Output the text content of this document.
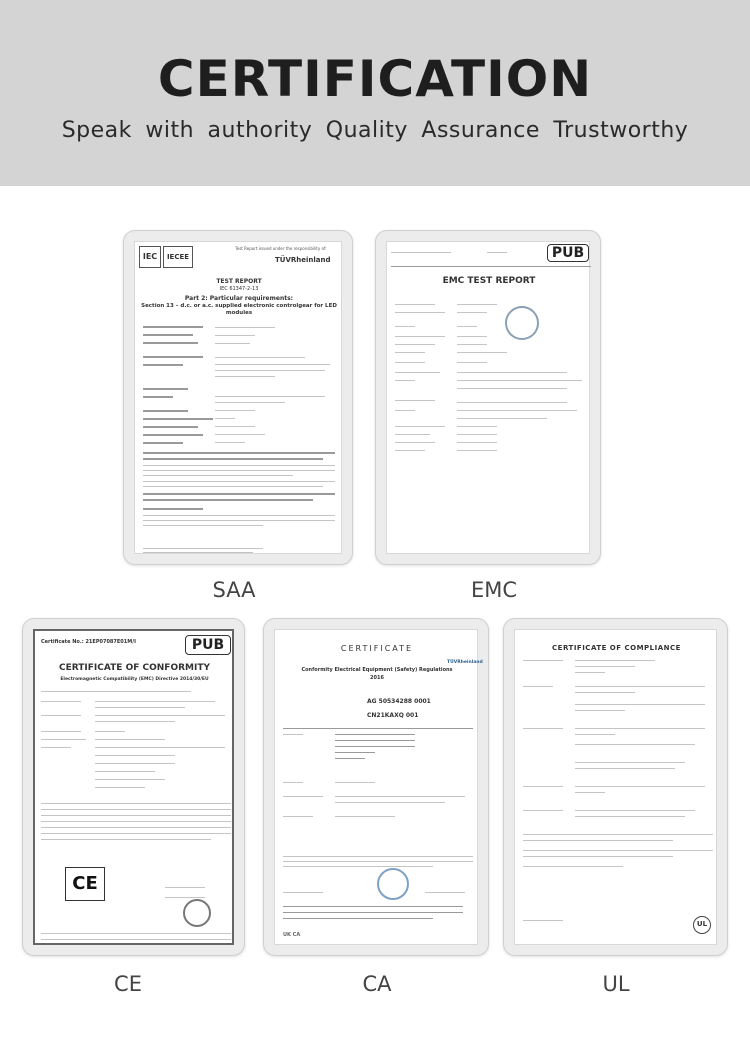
CERTIFICATION
Speak with authority Quality Assurance Trustworthy
IEC	IECEE
Test Report issued under the responsibility of:
TÜVRheinland
TEST REPORT
IEC 61347-2-13
Part 2: Particular requirements:
Section 13 – d.c. or a.c. supplied electronic controlgear for LED modules
SAA
PUB
EMC TEST REPORT
EMC
Certificate No.: 21EP07087E01M/I	PUB
CERTIFICATE OF CONFORMITY
Electromagnetic Compatibility (EMC) Directive 2014/30/EU
CE
CE
TÜVRheinland
CERTIFICATE
Conformity Electrical Equipment (Safety) Regulations 2016
AG 50534288 0001
CN21KAXQ 001
UK CA
CA
CERTIFICATE OF COMPLIANCE
UL
UL
